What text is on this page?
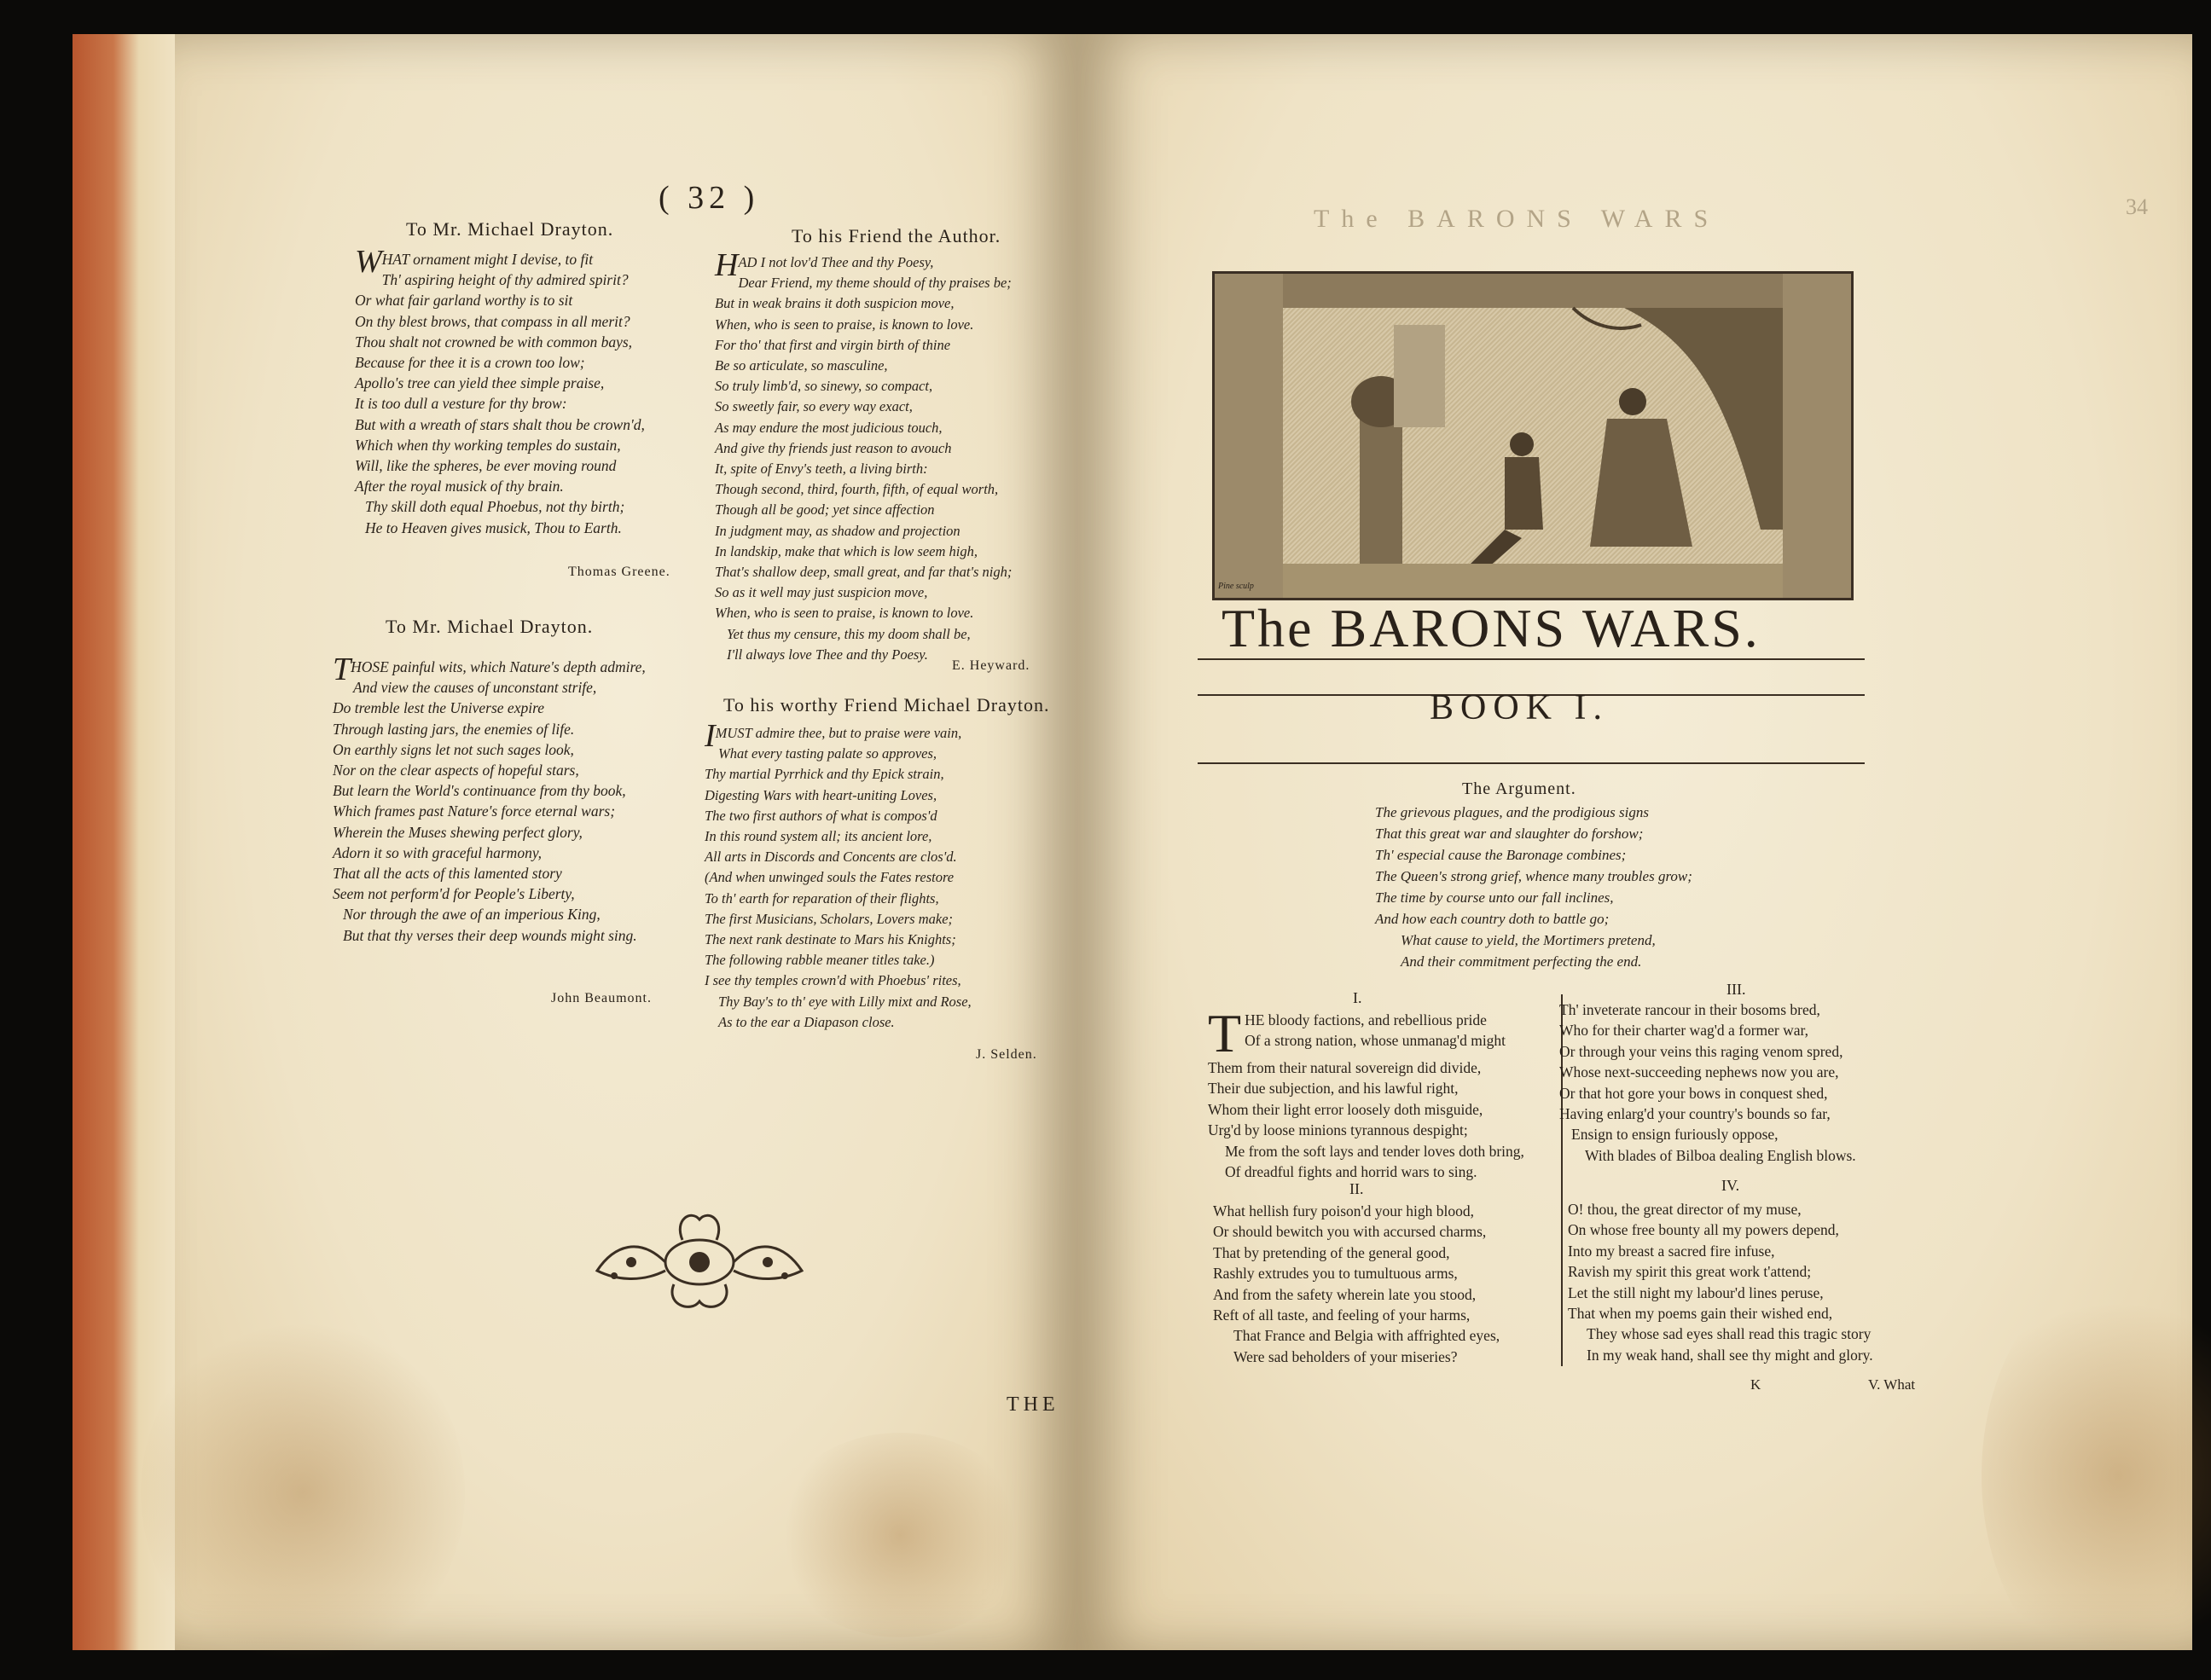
( 32 )
To Mr. Michael Drayton.
W HAT ornament might I devise, to fit
Th' aspiring height of thy admired spirit?
Or what fair garland worthy is to sit
On thy blest brows, that compass in all merit?
Thou shalt not crowned be with common bays,
Because for thee it is a crown too low;
Apollo's tree can yield thee simple praise,
It is too dull a vesture for thy brow:
But with a wreath of stars shalt thou be crown'd,
Which when thy working temples do sustain,
Will, like the spheres, be ever moving round
After the royal musick of thy brain.
Thy skill doth equal Phoebus, not thy birth;
He to Heaven gives musick, Thou to Earth.
Thomas Greene.
To Mr. Michael Drayton.
T HOSE painful wits, which Nature's depth admire,
And view the causes of unconstant strife,
Do tremble lest the Universe expire
Through lasting jars, the enemies of life.
On earthly signs let not such sages look,
Nor on the clear aspects of hopeful stars,
But learn the World's continuance from thy book,
Which frames past Nature's force eternal wars;
Wherein the Muses shewing perfect glory,
Adorn it so with graceful harmony,
That all the acts of this lamented story
Seem not perform'd for People's Liberty,
Nor through the awe of an imperious King,
But that thy verses their deep wounds might sing.
John Beaumont.
To his Friend the Author.
H AD I not lov'd Thee and thy Poesy,
Dear Friend, my theme should of thy praises be;
But in weak brains it doth suspicion move,
When, who is seen to praise, is known to love.
For tho' that first and virgin birth of thine
Be so articulate, so masculine,
So truly limb'd, so sinewy, so compact,
So sweetly fair, so every way exact,
As may endure the most judicious touch,
And give thy friends just reason to avouch
It, spite of Envy's teeth, a living birth:
Though second, third, fourth, fifth, of equal worth,
Though all be good; yet since affection
In judgment may, as shadow and projection
In landskip, make that which is low seem high,
That's shallow deep, small great, and far that's nigh;
So as it well may just suspicion move,
When, who is seen to praise, is known to love.
Yet thus my censure, this my doom shall be,
I'll always love Thee and thy Poesy.
E. Heyward.
To his worthy Friend Michael Drayton.
I MUST admire thee, but to praise were vain,
What every tasting palate so approves,
Thy martial Pyrrhick and thy Epick strain,
Digesting Wars with heart-uniting Loves,
The two first authors of what is compos'd
In this round system all; its ancient lore,
All arts in Discords and Concents are clos'd.
(And when unwinged souls the Fates restore
To th' earth for reparation of their flights,
The first Musicians, Scholars, Lovers make;
The next rank destinate to Mars his Knights;
The following rabble meaner titles take.)
I see thy temples crown'd with Phoebus' rites,
Thy Bay's to th' eye with Lilly mixt and Rose,
As to the ear a Diapason close.
J. Selden.
THE
The BARONS WARS	34
Pine sculp
The BARONS WARS.
BOOK I.
The Argument.
The grievous plagues, and the prodigious signs
That this great war and slaughter do forshow;
Th' especial cause the Baronage combines;
The Queen's strong grief, whence many troubles grow;
The time by course unto our fall inclines,
And how each country doth to battle go;
What cause to yield, the Mortimers pretend,
And their commitment perfecting the end.
I.
T HE bloody factions, and rebellious pride
Of a strong nation, whose unmanag'd might
Them from their natural sovereign did divide,
Their due subjection, and his lawful right,
Whom their light error loosely doth misguide,
Urg'd by loose minions tyrannous despight;
Me from the soft lays and tender loves doth bring,
Of dreadful fights and horrid wars to sing.
II.
What hellish fury poison'd your high blood,
Or should bewitch you with accursed charms,
That by pretending of the general good,
Rashly extrudes you to tumultuous arms,
And from the safety wherein late you stood,
Reft of all taste, and feeling of your harms,
That France and Belgia with affrighted eyes,
Were sad beholders of your miseries?
III.
Th' inveterate rancour in their bosoms bred,
Who for their charter wag'd a former war,
Or through your veins this raging venom spred,
Whose next-succeeding nephews now you are,
Or that hot gore your bows in conquest shed,
Having enlarg'd your country's bounds so far,
Ensign to ensign furiously oppose,
With blades of Bilboa dealing English blows.
IV.
O! thou, the great director of my muse,
On whose free bounty all my powers depend,
Into my breast a sacred fire infuse,
Ravish my spirit this great work t'attend;
Let the still night my labour'd lines peruse,
That when my poems gain their wished end,
They whose sad eyes shall read this tragic story
In my weak hand, shall see thy might and glory.
K	V. What
